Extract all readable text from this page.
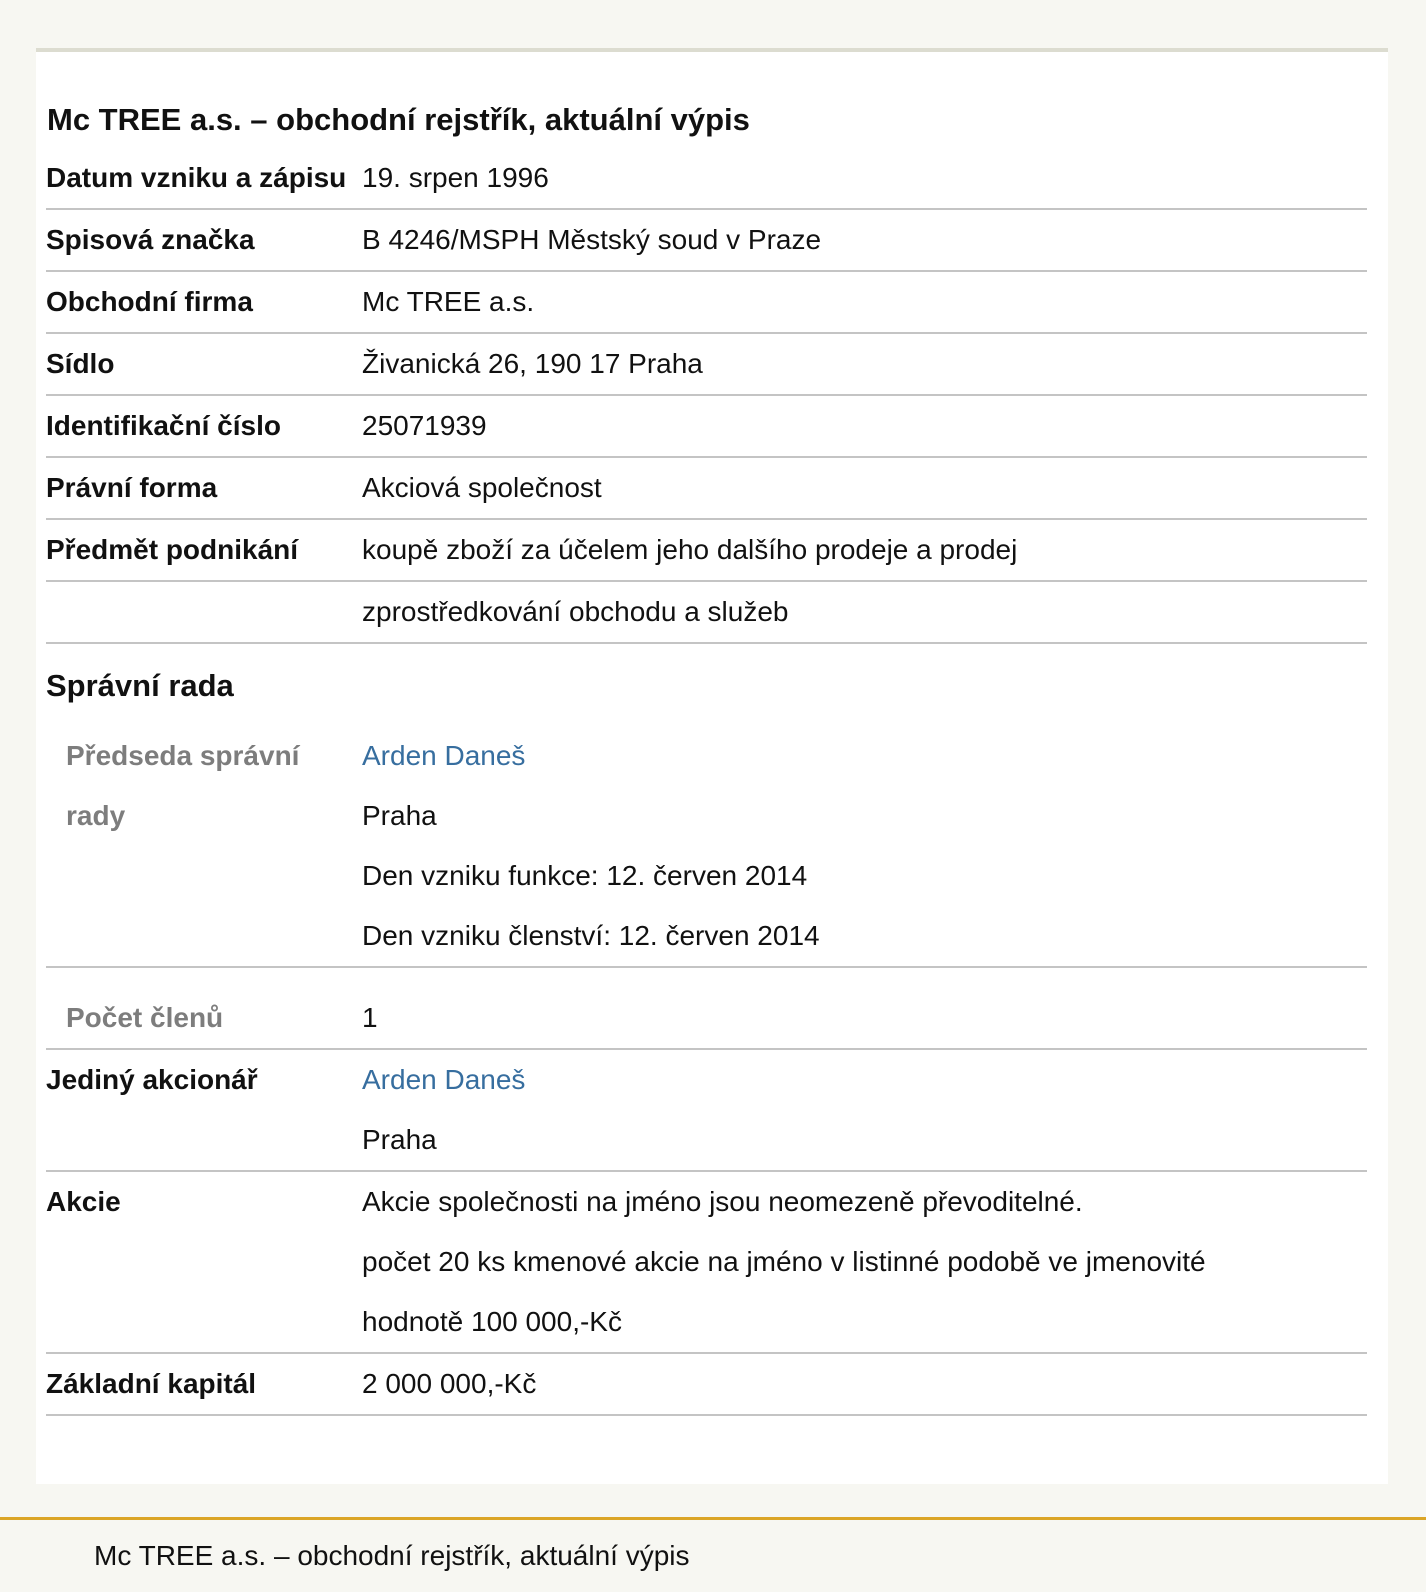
Mc TREE a.s. – obchodní rejstřík, aktuální výpis
Datum vzniku a zápisu 19. srpen 1996
Spisová značka	B 4246/MSPH Městský soud v Praze
Obchodní firma	Mc TREE a.s.
Sídlo	Živanická 26, 190 17 Praha
Identifikační číslo	25071939
Právní forma	Akciová společnost
Předmět podnikání	koupě zboží za účelem jeho dalšího prodeje a prodej
zprostředkování obchodu a služeb
Správní rada
Předseda správní rady
Arden Daneš
Praha
Den vzniku funkce: 12. červen 2014
Den vzniku členství: 12. červen 2014
Počet členů	1
Jediný akcionář	Arden Daneš
Praha
Akcie	Akcie společnosti na jméno jsou neomezeně převoditelné.
počet 20 ks kmenové akcie na jméno v listinné podobě ve jmenovité
hodnotě 100 000,-Kč
Základní kapitál	2 000 000,-Kč
Mc TREE a.s. – obchodní rejstřík, aktuální výpis
